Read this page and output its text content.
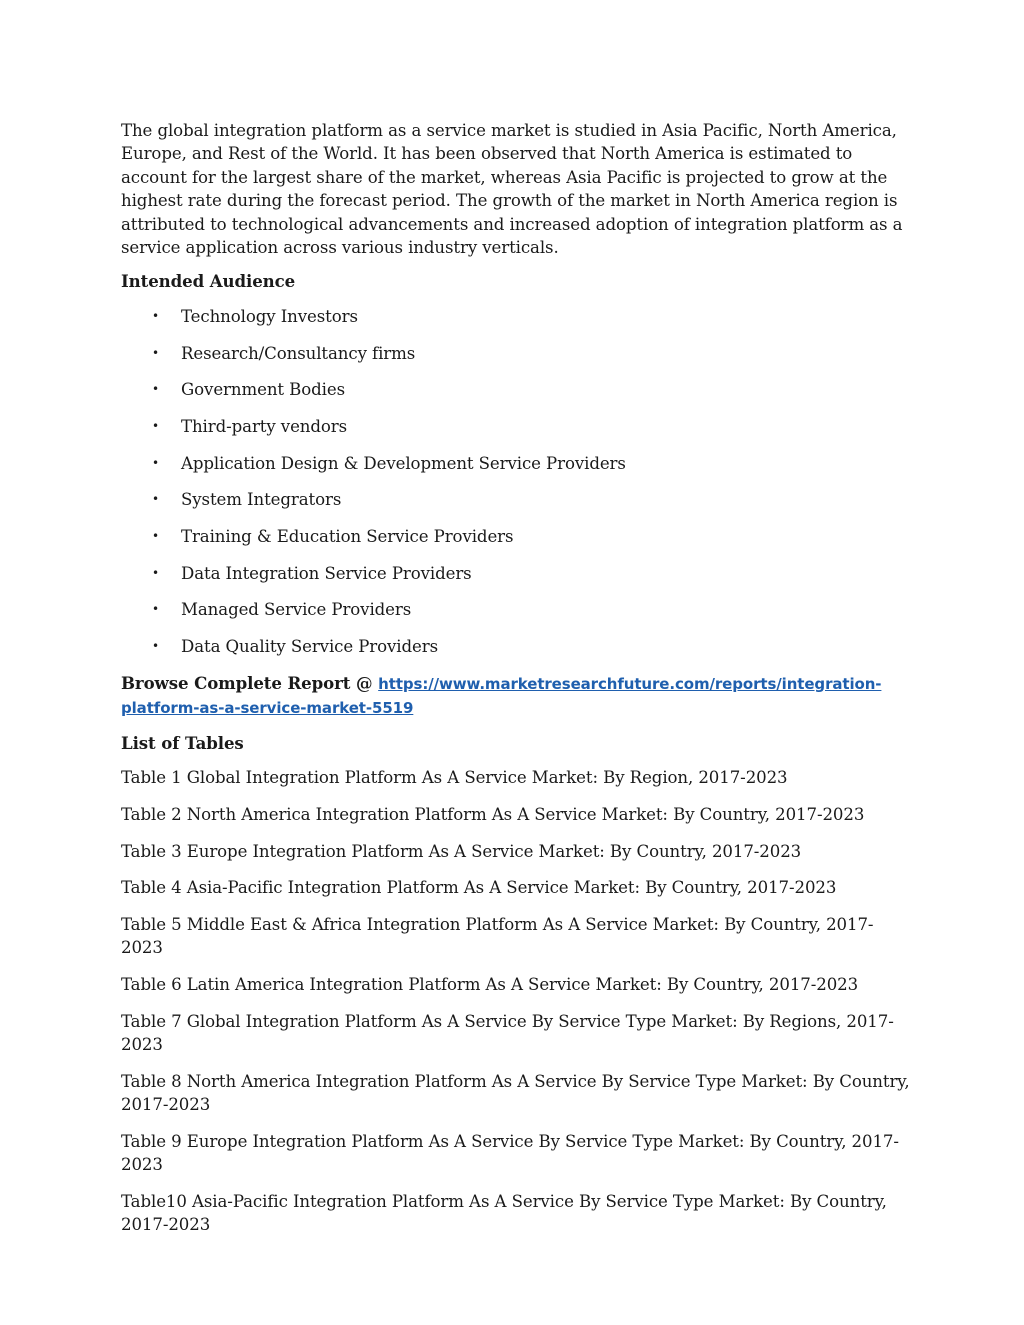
The global integration platform as a service market is studied in Asia Pacific, North America, Europe, and Rest of the World. It has been observed that North America is estimated to account for the largest share of the market, whereas Asia Pacific is projected to grow at the highest rate during the forecast period. The growth of the market in North America region is attributed to technological advancements and increased adoption of integration platform as a service application across various industry verticals.

Intended Audience

• Technology Investors
• Research/Consultancy firms
• Government Bodies
• Third-party vendors
• Application Design & Development Service Providers
• System Integrators
• Training & Education Service Providers
• Data Integration Service Providers
• Managed Service Providers
• Data Quality Service Providers

Browse Complete Report @ https://www.marketresearchfuture.com/reports/integration-platform-as-a-service-market-5519

List of Tables

Table 1 Global Integration Platform As A Service Market: By Region, 2017-2023

Table 2 North America Integration Platform As A Service Market: By Country, 2017-2023

Table 3 Europe Integration Platform As A Service Market: By Country, 2017-2023

Table 4 Asia-Pacific Integration Platform As A Service Market: By Country, 2017-2023

Table 5 Middle East & Africa Integration Platform As A Service Market: By Country, 2017-2023

Table 6 Latin America Integration Platform As A Service Market: By Country, 2017-2023

Table 7 Global Integration Platform As A Service By Service Type Market: By Regions, 2017-2023

Table 8 North America Integration Platform As A Service By Service Type Market: By Country, 2017-2023

Table 9 Europe Integration Platform As A Service By Service Type Market: By Country, 2017-2023

Table10 Asia-Pacific Integration Platform As A Service By Service Type Market: By Country, 2017-2023
